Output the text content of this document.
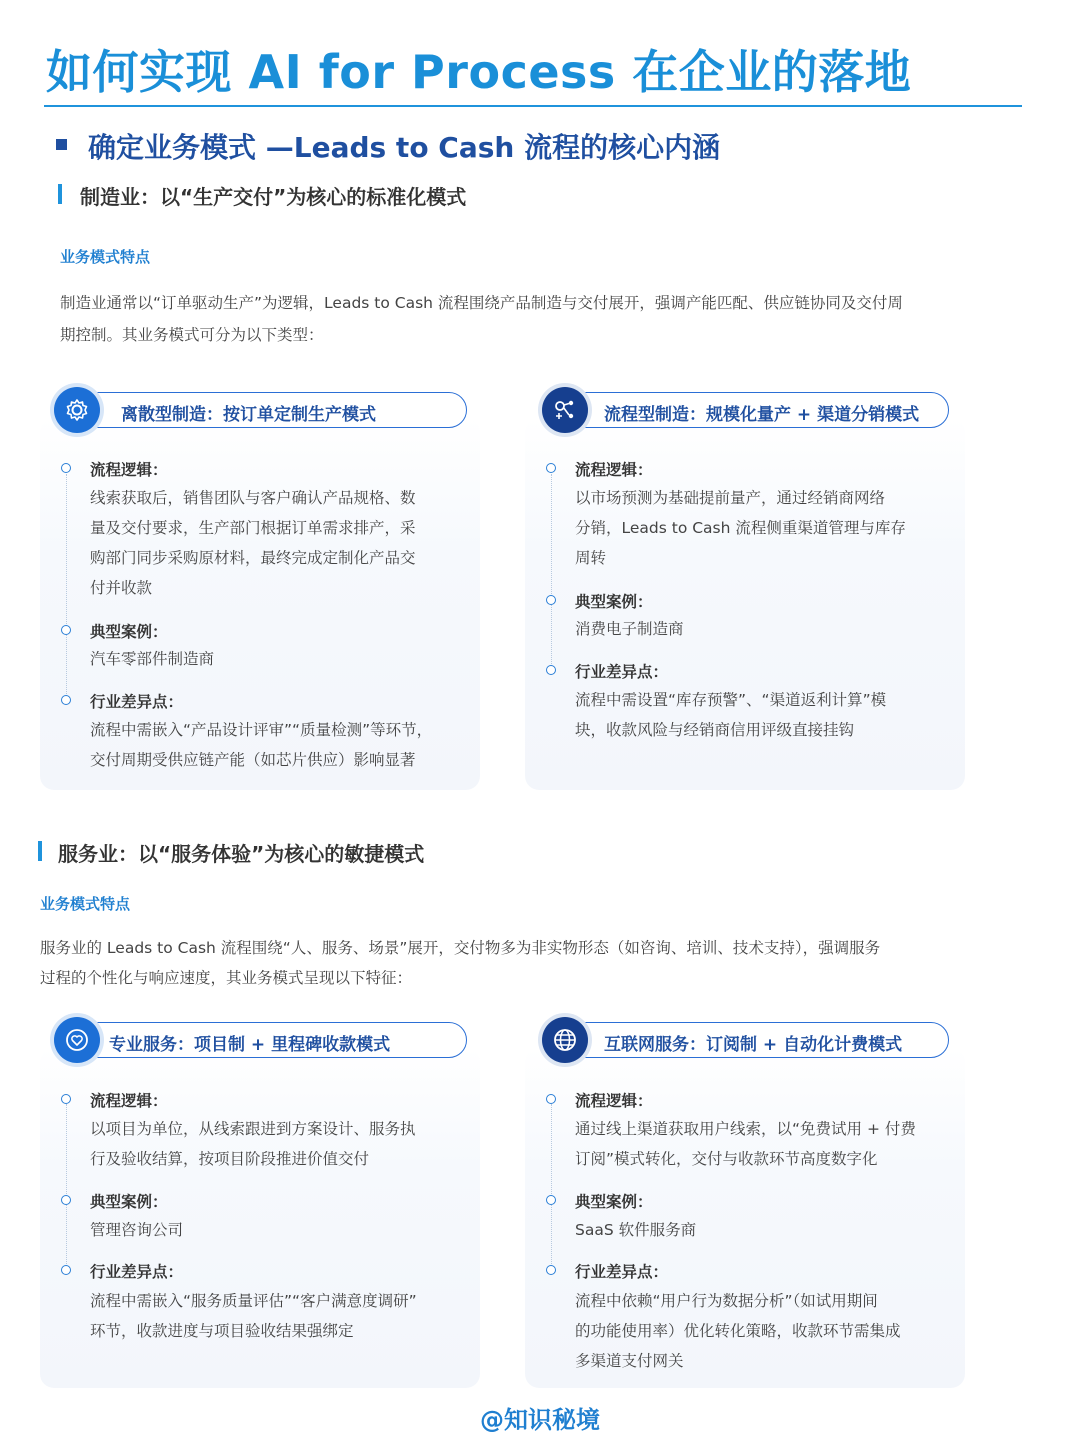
如何实现 AI for Process 在企业的落地
确定业务模式 —Leads to Cash 流程的核心内涵
制造业：以“生产交付”为核心的标准化模式
业务模式特点
制造业通常以“订单驱动生产”为逻辑，Leads to Cash 流程围绕产品制造与交付展开，强调产能匹配、供应链协同及交付周
期控制。其业务模式可分为以下类型：
离散型制造：按订单定制生产模式
流程逻辑：
线索获取后，销售团队与客户确认产品规格、数
量及交付要求，生产部门根据订单需求排产，采
购部门同步采购原材料，最终完成定制化产品交
付并收款
典型案例：
汽车零部件制造商
行业差异点：
流程中需嵌入“产品设计评审”“质量检测”等环节，
交付周期受供应链产能（如芯片供应）影响显著
流程型制造：规模化量产 + 渠道分销模式
流程逻辑：
以市场预测为基础提前量产，通过经销商网络
分销，Leads to Cash 流程侧重渠道管理与库存
周转
典型案例：
消费电子制造商
行业差异点：
流程中需设置“库存预警”、“渠道返利计算”模
块，收款风险与经销商信用评级直接挂钩
服务业：以“服务体验”为核心的敏捷模式
业务模式特点
服务业的 Leads to Cash 流程围绕“人、服务、场景”展开，交付物多为非实物形态（如咨询、培训、技术支持），强调服务
过程的个性化与响应速度，其业务模式呈现以下特征：
专业服务：项目制 + 里程碑收款模式
流程逻辑：
以项目为单位，从线索跟进到方案设计、服务执
行及验收结算，按项目阶段推进价值交付
典型案例：
管理咨询公司
行业差异点：
流程中需嵌入“服务质量评估”“客户满意度调研”
环节，收款进度与项目验收结果强绑定
互联网服务：订阅制 + 自动化计费模式
流程逻辑：
通过线上渠道获取用户线索，以“免费试用 + 付费
订阅”模式转化，交付与收款环节高度数字化
典型案例：
SaaS 软件服务商
行业差异点：
流程中依赖“用户行为数据分析”（如试用期间
的功能使用率）优化转化策略，收款环节需集成
多渠道支付网关
@知识秘境
